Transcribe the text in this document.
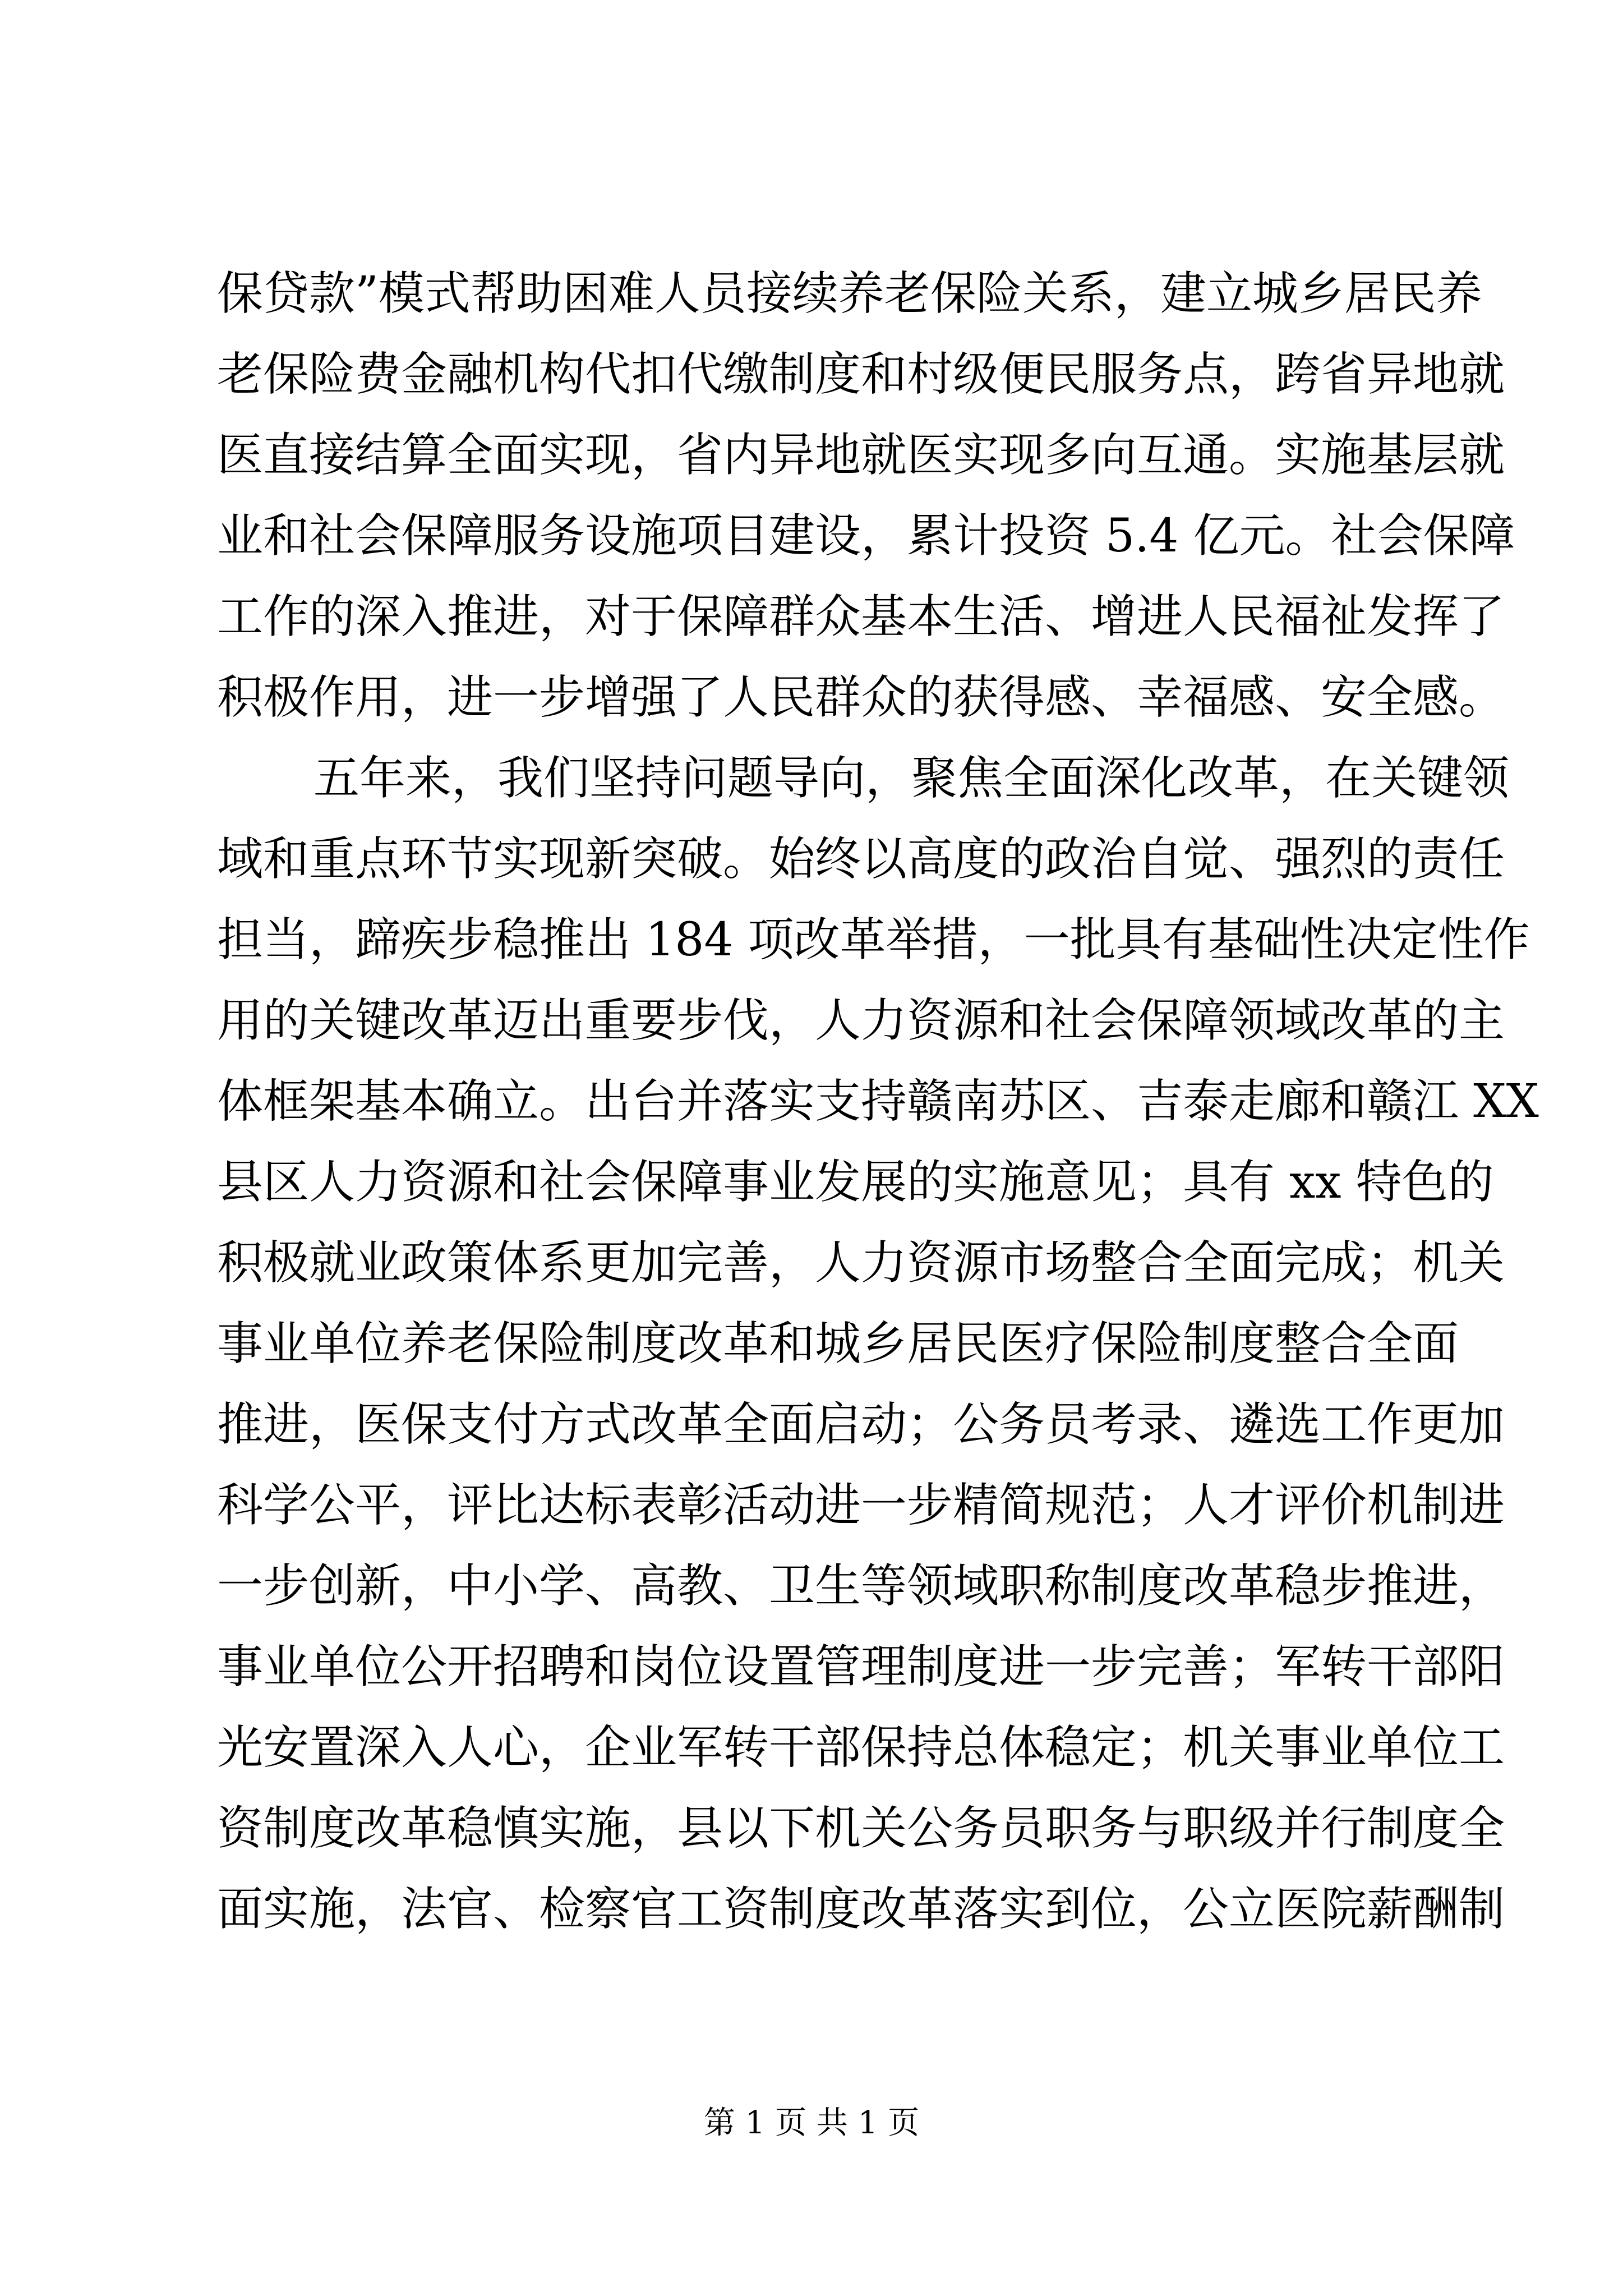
保贷款”模式帮助困难人员接续养老保险关系，建立城乡居民养
老保险费金融机构代扣代缴制度和村级便民服务点，跨省异地就
医直接结算全面实现，省内异地就医实现多向互通。实施基层就
业和社会保障服务设施项目建设，累计投资 5.4 亿元。社会保障
工作的深入推进，对于保障群众基本生活、增进人民福祉发挥了
积极作用，进一步增强了人民群众的获得感、幸福感、安全感。
五年来，我们坚持问题导向，聚焦全面深化改革，在关键领
域和重点环节实现新突破。始终以高度的政治自觉、强烈的责任
担当，蹄疾步稳推出 184 项改革举措，一批具有基础性决定性作
用的关键改革迈出重要步伐，人力资源和社会保障领域改革的主
体框架基本确立。出台并落实支持赣南苏区、吉泰走廊和赣江 XX
县区人力资源和社会保障事业发展的实施意见；具有 xx 特色的
积极就业政策体系更加完善，人力资源市场整合全面完成；机关
事业单位养老保险制度改革和城乡居民医疗保险制度整合全面
推进，医保支付方式改革全面启动；公务员考录、遴选工作更加
科学公平，评比达标表彰活动进一步精简规范；人才评价机制进
一步创新，中小学、高教、卫生等领域职称制度改革稳步推进，
事业单位公开招聘和岗位设置管理制度进一步完善；军转干部阳
光安置深入人心，企业军转干部保持总体稳定；机关事业单位工
资制度改革稳慎实施，县以下机关公务员职务与职级并行制度全
面实施，法官、检察官工资制度改革落实到位，公立医院薪酬制
第 1 页 共 1 页
